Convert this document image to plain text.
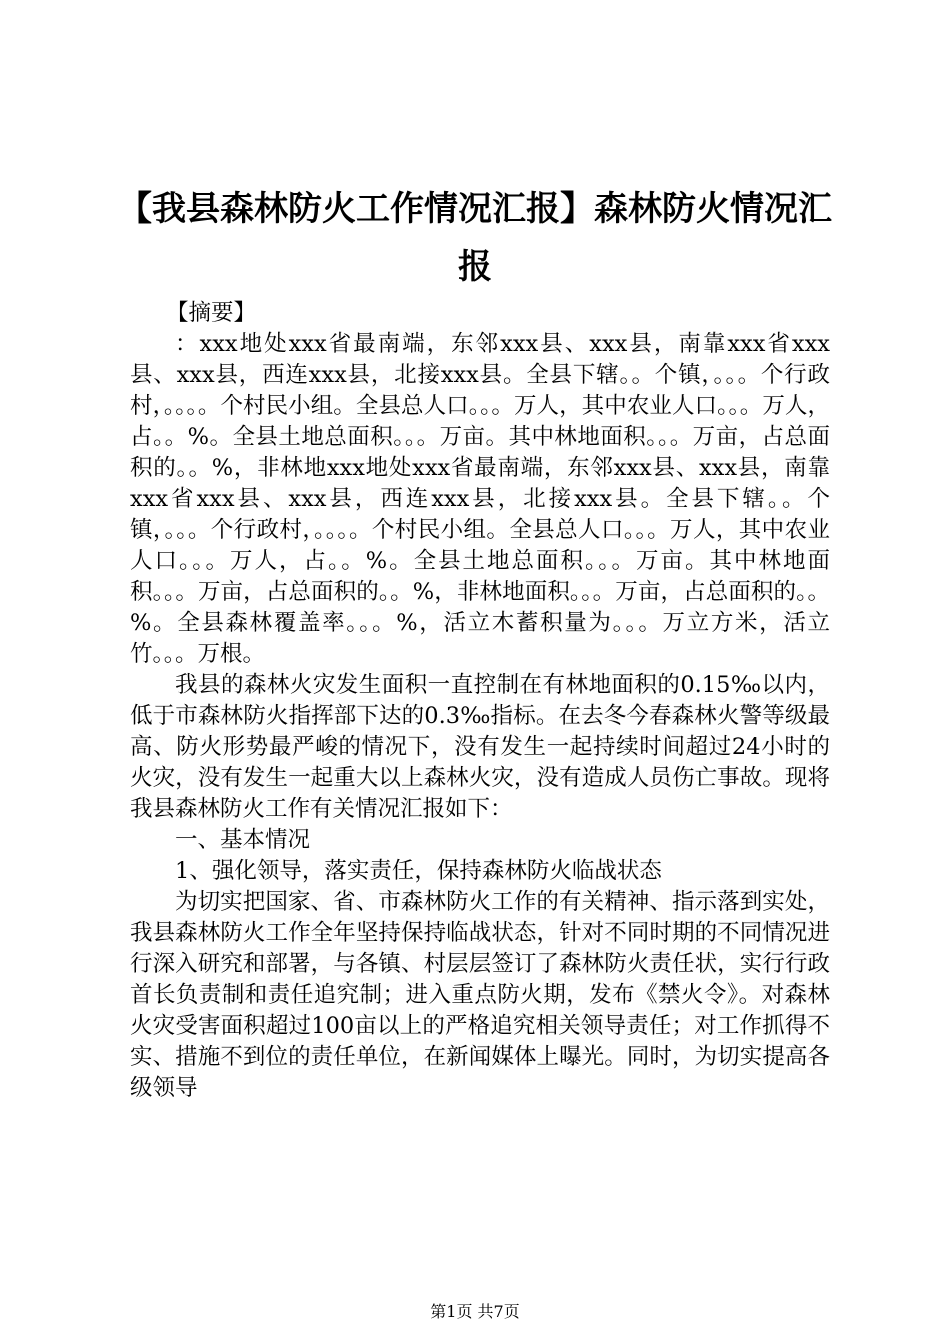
【我县森林防火工作情况汇报】森林防火情况汇报

【摘要】

：xxx地处xxx省最南端，东邻xxx县、xxx县，南靠xxx省xxx县、xxx县，西连xxx县，北接xxx县。全县下辖。。个镇，。。。个行政村，。。。。个村民小组。全县总人口。。。万人，其中农业人口。。。万人，占。。%。全县土地总面积。。。万亩。其中林地面积。。。万亩，占总面积的。。%，非林地xxx地处xxx省最南端，东邻xxx县、xxx县，南靠xxx省xxx县、xxx县，西连xxx县，北接xxx县。全县下辖。。个镇，。。。个行政村，。。。。个村民小组。全县总人口。。。万人，其中农业人口。。。万人，占。。%。全县土地总面积。。。万亩。其中林地面积。。。万亩，占总面积的。。%，非林地面积。。。万亩，占总面积的。。%。全县森林覆盖率。。。%，活立木蓄积量为。。。万立方米，活立竹。。。万根。

我县的森林火灾发生面积一直控制在有林地面积的0.15‰以内，低于市森林防火指挥部下达的0.3‰指标。在去冬今春森林火警等级最高、防火形势最严峻的情况下，没有发生一起持续时间超过24小时的火灾，没有发生一起重大以上森林火灾，没有造成人员伤亡事故。现将我县森林防火工作有关情况汇报如下：

一、基本情况

1、强化领导，落实责任，保持森林防火临战状态

为切实把国家、省、市森林防火工作的有关精神、指示落到实处，我县森林防火工作全年坚持保持临战状态，针对不同时期的不同情况进行深入研究和部署，与各镇、村层层签订了森林防火责任状，实行行政首长负责制和责任追究制；进入重点防火期，发布《禁火令》。对森林火灾受害面积超过100亩以上的严格追究相关领导责任；对工作抓得不实、措施不到位的责任单位，在新闻媒体上曝光。同时，为切实提高各级领导

第1页 共7页
